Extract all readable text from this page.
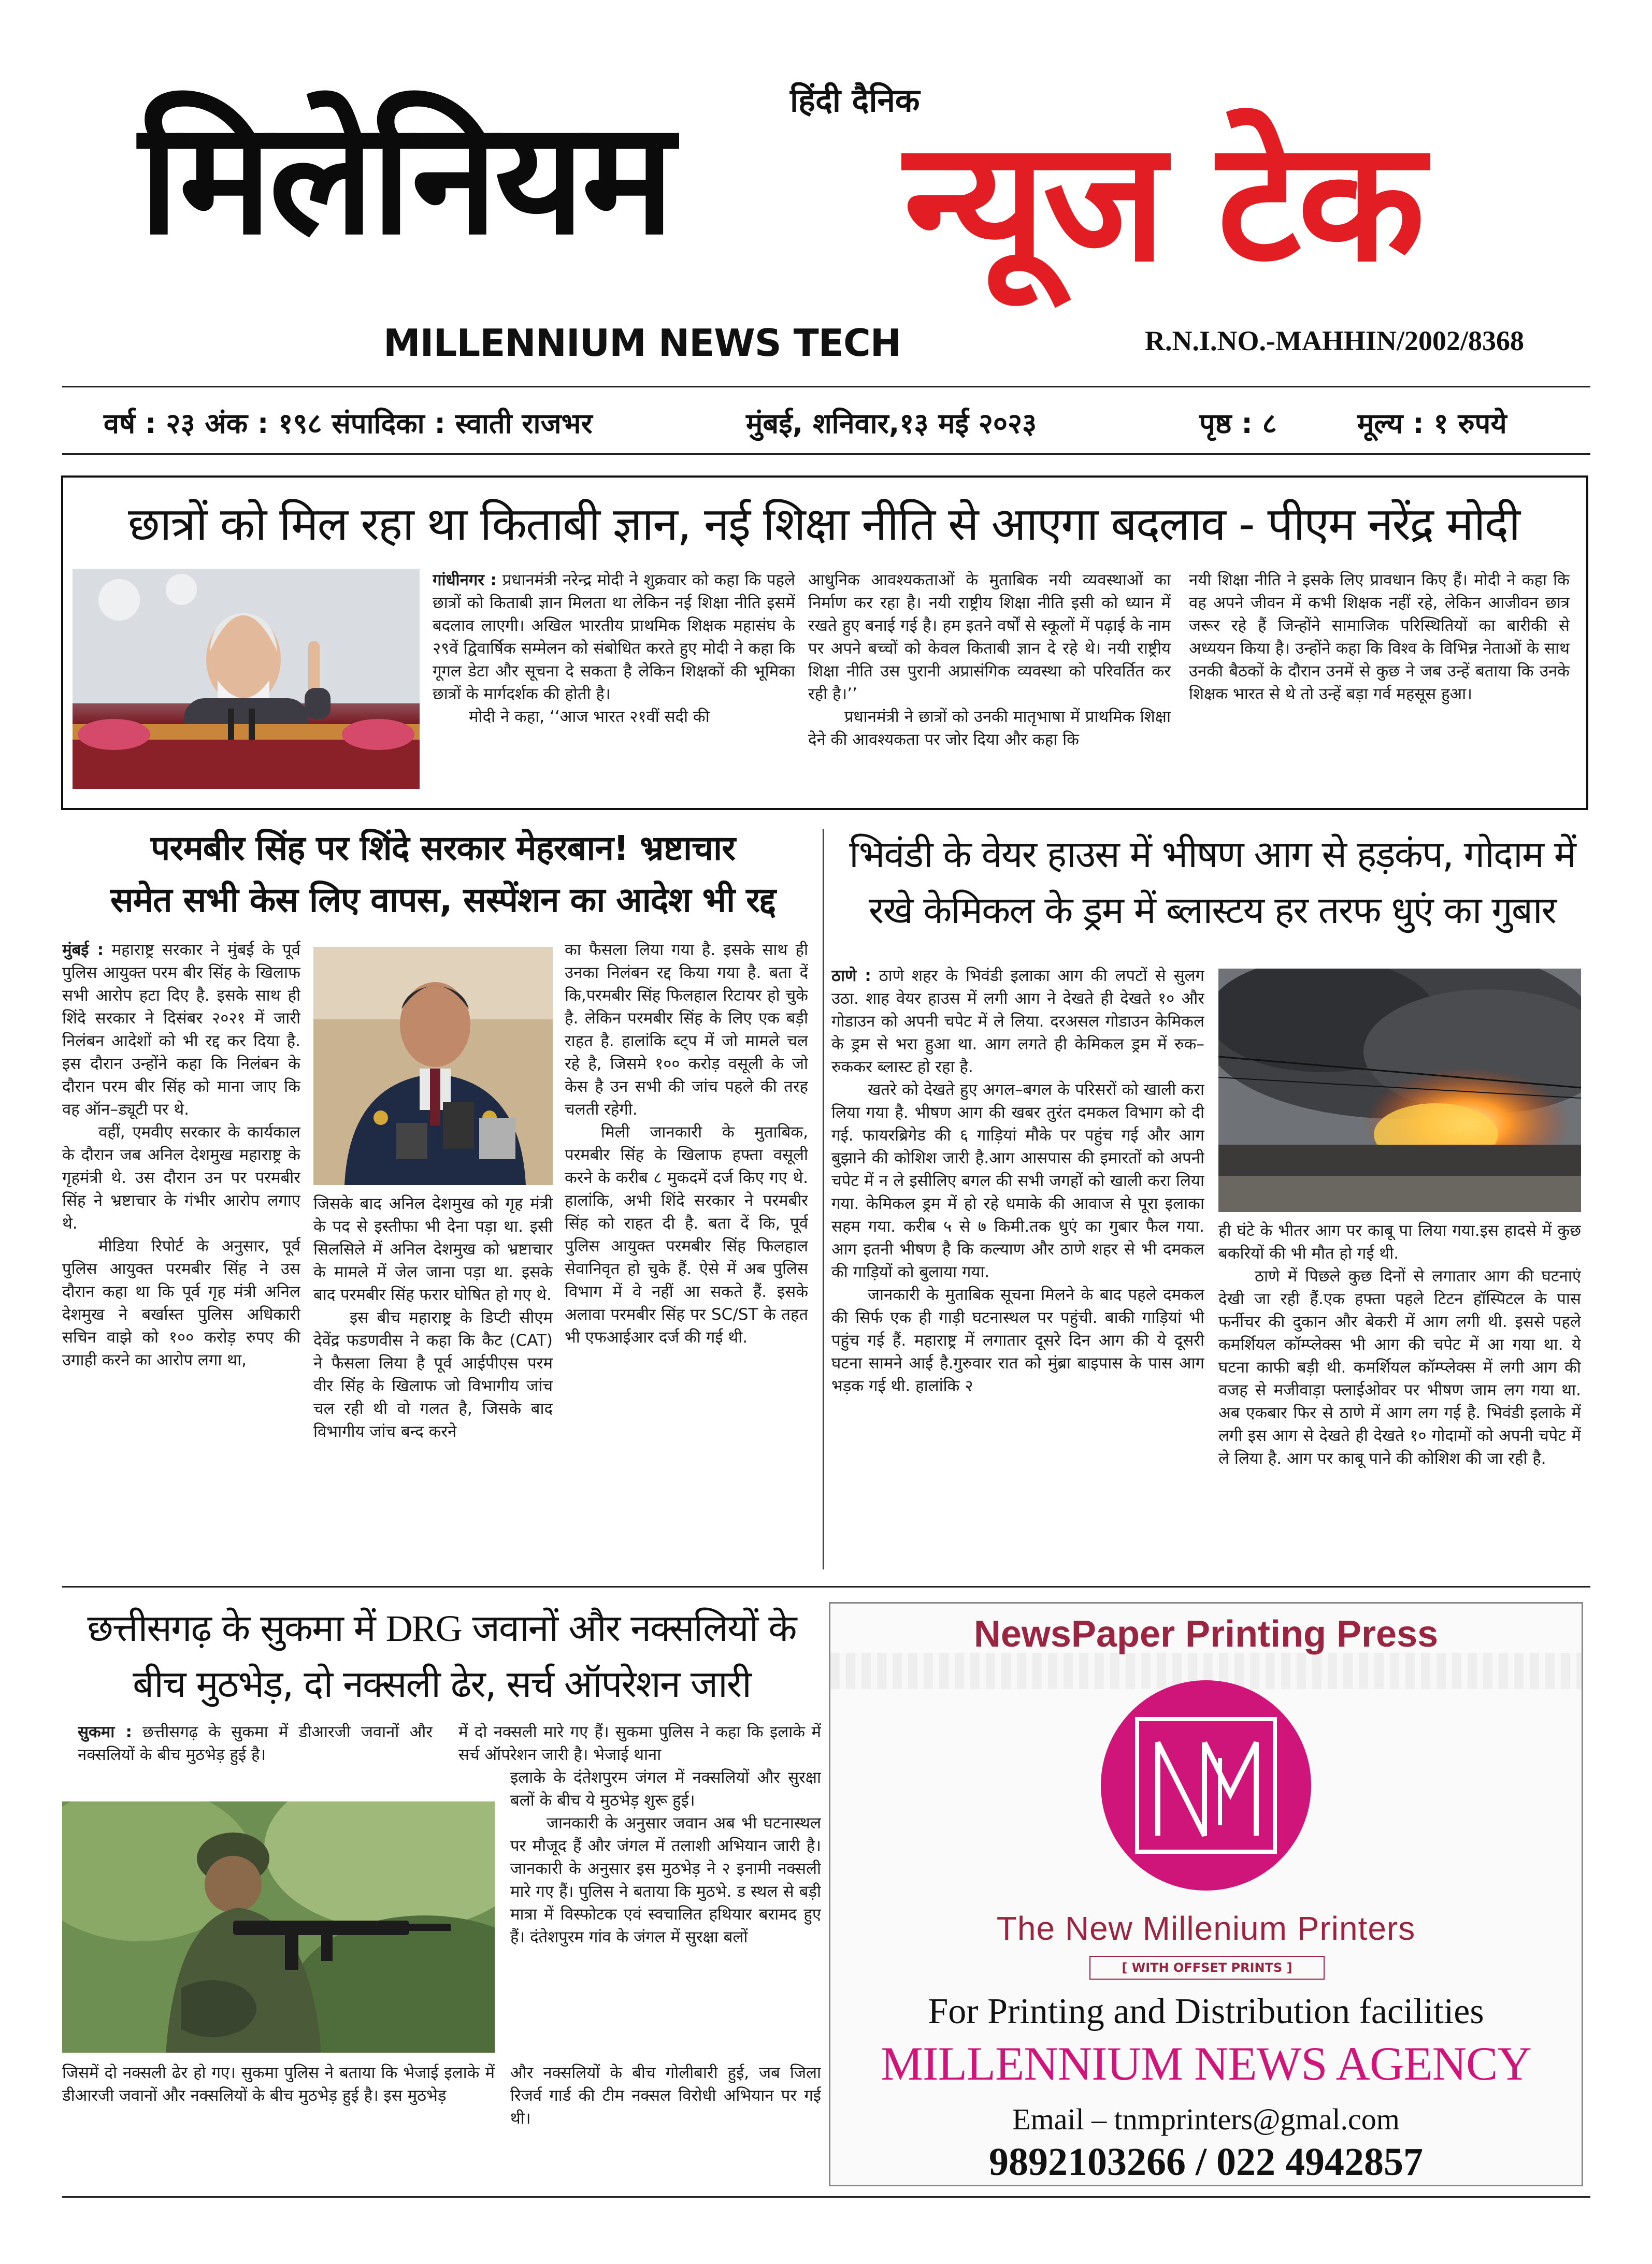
हिंदी दैनिक
मिलेनियम	न्यूज टेक
MILLENNIUM NEWS TECH	R.N.I.NO.-MAHHIN/2002/8368
वर्ष : २३ अंक : १९८ संपादिका : स्वाती राजभर	मुंबई, शनिवार,१३ मई २०२३	पृष्ठ : ८	मूल्य : १ रुपये
छात्रों को मिल रहा था किताबी ज्ञान, नई शिक्षा नीति से आएगा बदलाव - पीएम नरेंद्र मोदी

गांधीनगर : प्रधानमंत्री नरेन्द्र मोदी ने शुक्रवार को कहा कि पहले छात्रों को किताबी ज्ञान मिलता था लेकिन नई शिक्षा नीति इसमें बदलाव लाएगी। अखिल भारतीय प्राथमिक शिक्षक महासंघ के २९वें द्विवार्षिक सम्मेलन को संबोधित करते हुए मोदी ने कहा कि गूगल डेटा और सूचना दे सकता है लेकिन शिक्षकों की भूमिका छात्रों के मार्गदर्शक की होती है।

मोदी ने कहा, ‘‘आज भारत २१वीं सदी की

आधुनिक आवश्यकताओं के मुताबिक नयी व्यवस्थाओं का निर्माण कर रहा है। नयी राष्ट्रीय शिक्षा नीति इसी को ध्यान में रखते हुए बनाई गई है। हम इतने वर्षों से स्कूलों में पढ़ाई के नाम पर अपने बच्चों को केवल किताबी ज्ञान दे रहे थे। नयी राष्ट्रीय शिक्षा नीति उस पुरानी अप्रासंगिक व्यवस्था को परिवर्तित कर रही है।’’

प्रधानमंत्री ने छात्रों को उनकी मातृभाषा में प्राथमिक शिक्षा देने की आवश्यकता पर जोर दिया और कहा कि

नयी शिक्षा नीति ने इसके लिए प्रावधान किए हैं। मोदी ने कहा कि वह अपने जीवन में कभी शिक्षक नहीं रहे, लेकिन आजीवन छात्र जरूर रहे हैं जिन्होंने सामाजिक परिस्थितियों का बारीकी से अध्ययन किया है। उन्होंने कहा कि विश्व के विभिन्न नेताओं के साथ उनकी बैठकों के दौरान उनमें से कुछ ने जब उन्हें बताया कि उनके शिक्षक भारत से थे तो उन्हें बड़ा गर्व महसूस हुआ।

परमबीर सिंह पर शिंदे सरकार मेहरबान! भ्रष्टाचार
समेत सभी केस लिए वापस, सस्पेंशन का आदेश भी रद्द

मुंबई : महाराष्ट्र सरकार ने मुंबई के पूर्व पुलिस आयुक्त परम बीर सिंह के खिलाफ सभी आरोप हटा दिए है. इसके साथ ही शिंदे सरकार ने दिसंबर २०२१ में जारी निलंबन आदेशों को भी रद्द कर दिया है. इस दौरान उन्होंने कहा कि निलंबन के दौरान परम बीर सिंह को माना जाए कि वह ऑन–ड्यूटी पर थे.

वहीं, एमवीए सरकार के कार्यकाल के दौरान जब अनिल देशमुख महाराष्ट्र के गृहमंत्री थे. उस दौरान उन पर परमबीर सिंह ने भ्रष्टाचार के गंभीर आरोप लगाए थे.

मीडिया रिपोर्ट के अनुसार, पूर्व पुलिस आयुक्त परमबीर सिंह ने उस दौरान कहा था कि पूर्व गृह मंत्री अनिल देशमुख ने बर्खास्त पुलिस अधिकारी सचिन वाझे को १०० करोड़ रुपए की उगाही करने का आरोप लगा था,

जिसके बाद अनिल देशमुख को गृह मंत्री के पद से इस्तीफा भी देना पड़ा था. इसी सिलसिले में अनिल देशमुख को भ्रष्टाचार के मामले में जेल जाना पड़ा था. इसके बाद परमबीर सिंह फरार घोषित हो गए थे.

इस बीच महाराष्ट्र के डिप्टी सीएम देवेंद्र फडणवीस ने कहा कि कैट (CAT) ने फैसला लिया है पूर्व आईपीएस परम वीर सिंह के खिलाफ जो विभागीय जांच चल रही थी वो गलत है, जिसके बाद विभागीय जांच बन्द करने

का फैसला लिया गया है. इसके साथ ही उनका निलंबन रद्द किया गया है. बता दें कि,परमबीर सिंह फिलहाल रिटायर हो चुके है. लेकिन परमबीर सिंह के लिए एक बड़ी राहत है. हालांकि ब्ट्प में जो मामले चल रहे है, जिसमे १०० करोड़ वसूली के जो केस है उन सभी की जांच पहले की तरह चलती रहेगी.

मिली जानकारी के मुताबिक, परमबीर सिंह के खिलाफ हफ्ता वसूली करने के करीब ८ मुकदमें दर्ज किए गए थे. हालांकि, अभी शिंदे सरकार ने परमबीर सिंह को राहत दी है. बता दें कि, पूर्व पुलिस आयुक्त परमबीर सिंह फिलहाल सेवानिवृत हो चुके हैं. ऐसे में अब पुलिस विभाग में वे नहीं आ सकते हैं. इसके अलावा परमबीर सिंह पर SC/ST के तहत भी एफआईआर दर्ज की गई थी.

भिवंडी के वेयर हाउस में भीषण आग से हड़कंप, गोदाम में
रखे केमिकल के ड्रम में ब्लास्टय हर तरफ धुएं का गुबार

ठाणे : ठाणे शहर के भिवंडी इलाका आग की लपटों से सुलग उठा. शाह वेयर हाउस में लगी आग ने देखते ही देखते १० और गोडाउन को अपनी चपेट में ले लिया. दरअसल गोडाउन केमिकल के ड्रम से भरा हुआ था. आग लगते ही केमिकल ड्रम में रुक–रुककर ब्लास्ट हो रहा है.

खतरे को देखते हुए अगल–बगल के परिसरों को खाली करा लिया गया है. भीषण आग की खबर तुरंत दमकल विभाग को दी गई. फायरब्रिगेड की ६ गाड़ियां मौके पर पहुंच गई और आग बुझाने की कोशिश जारी है.आग आसपास की इमारतों को अपनी चपेट में न ले इसीलिए बगल की सभी जगहों को खाली करा लिया गया. केमिकल ड्रम में हो रहे धमाके की आवाज से पूरा इलाका सहम गया. करीब ५ से ७ किमी.तक धुएं का गुबार फैल गया. आग इतनी भीषण है कि कल्याण और ठाणे शहर से भी दमकल की गाड़ियों को बुलाया गया.

जानकारी के मुताबिक सूचना मिलने के बाद पहले दमकल की सिर्फ एक ही गाड़ी घटनास्थल पर पहुंची. बाकी गाड़ियां भी पहुंच गई हैं. महाराष्ट्र में लगातार दूसरे दिन आग की ये दूसरी घटना सामने आई है.गुरुवार रात को मुंब्रा बाइपास के पास आग भड़क गई थी. हालांकि २

ही घंटे के भीतर आग पर काबू पा लिया गया.इस हादसे में कुछ बकरियों की भी मौत हो गई थी.

ठाणे में पिछले कुछ दिनों से लगातार आग की घटनाएं देखी जा रही हैं.एक हफ्ता पहले टिटन हॉस्पिटल के पास फर्नीचर की दुकान और बेकरी में आग लगी थी. इससे पहले कमर्शियल कॉम्प्लेक्स भी आग की चपेट में आ गया था. ये घटना काफी बड़ी थी. कमर्शियल कॉम्प्लेक्स में लगी आग की वजह से मजीवाड़ा फ्लाईओवर पर भीषण जाम लग गया था. अब एकबार फिर से ठाणे में आग लग गई है. भिवंडी इलाके में लगी इस आग से देखते ही देखते १० गोदामों को अपनी चपेट में ले लिया है. आग पर काबू पाने की कोशिश की जा रही है.

छत्तीसगढ़ के सुकमा में DRG जवानों और नक्सलियों के
बीच मुठभेड़, दो नक्सली ढेर, सर्च ऑपरेशन जारी

सुकमा : छत्तीसगढ़ के सुकमा में डीआरजी जवानों और नक्सलियों के बीच मुठभेड़ हुई है।

जिसमें दो नक्सली ढेर हो गए। सुकमा पुलिस ने बताया कि भेजाई इलाके में डीआरजी जवानों और नक्सलियों के बीच मुठभेड़ हुई है। इस मुठभेड़

में दो नक्सली मारे गए हैं। सुकमा पुलिस ने कहा कि इलाके में सर्च ऑपरेशन जारी है। भेजाई थाना

इलाके के दंतेशपुरम जंगल में नक्सलियों और सुरक्षा बलों के बीच ये मुठभेड़ शुरू हुई।

जानकारी के अनुसार जवान अब भी घटनास्थल पर मौजूद हैं और जंगल में तलाशी अभियान जारी है। जानकारी के अनुसार इस मुठभेड़ ने २ इनामी नक्सली मारे गए हैं। पुलिस ने बताया कि मुठभे. ड स्थल से बड़ी मात्रा में विस्फोटक एवं स्वचालित हथियार बरामद हुए हैं। दंतेशपुरम गांव के जंगल में सुरक्षा बलों

और नक्सलियों के बीच गोलीबारी हुई, जब जिला रिजर्व गार्ड की टीम नक्सल विरोधी अभियान पर गई थी।

NewsPaper Printing Press
The New Millenium Printers
[ WITH OFFSET PRINTS ]
For Printing and Distribution facilities
MILLENNIUM NEWS AGENCY
Email – tnmprinters@gmal.com
9892103266 / 022 4942857
